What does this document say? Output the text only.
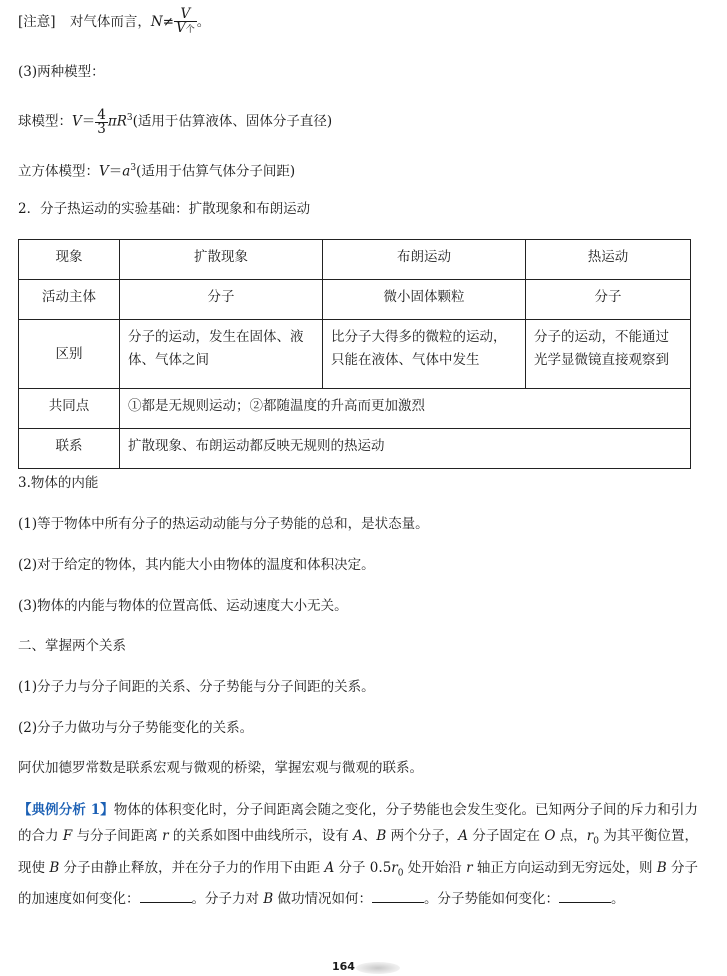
[注意] 对气体而言，$N\ne \frac{V}{\text{V个}}$ 。
(3)两种模型：
球模型：$V= \frac{4}{3} \pi R^3$(适用于估算液体、固体分子直径)
立方体模型：$V=a^3$(适用于估算气体分子间距)
2．分子热运动的实验基础：扩散现象和布朗运动
现象	扩散现象	布朗运动	热运动
活动主体	分子	微小固体颗粒	分子
区别	分子的运动，发生在固体、液体、气体之间	比分子大得多的微粒的运动，只能在液体、气体中发生	分子的运动，不能通过光学显微镜直接观察到
共同点	①都是无规则运动；②都随温度的升高而更加激烈		
联系	扩散现象、布朗运动都反映无规则的热运动		
3.物体的内能
(1)等于物体中所有分子的热运动动能与分子势能的总和，是状态量。
(2)对于给定的物体，其内能大小由物体的温度和体积决定。
(3)物体的内能与物体的位置高低、运动速度大小无关。
二、掌握两个关系
(1)分子力与分子间距的关系、分子势能与分子间距的关系。
(2)分子力做功与分子势能变化的关系。
阿伏加德罗常数是联系宏观与微观的桥梁，掌握宏观与微观的联系。
【典例分析 1】物体的体积变化时，分子间距离会随之变化，分子势能也会发生变化。已知两分子间的斥力和引力的合力 F 与分子间距离 r 的关系如图中曲线所示，设有 A、B 两个分子，A 分子固定在 O 点，$r_0$ 为其平衡位置，现使 B 分子由静止释放，并在分子力的作用下由距 A 分子 $0.5r_0$ 处开始沿 r 轴正方向运动到无穷远处，则 B 分子的加速度如何变化：	。分子力对 B 做功情况如何：	。分子势能如何变化：	。
164
